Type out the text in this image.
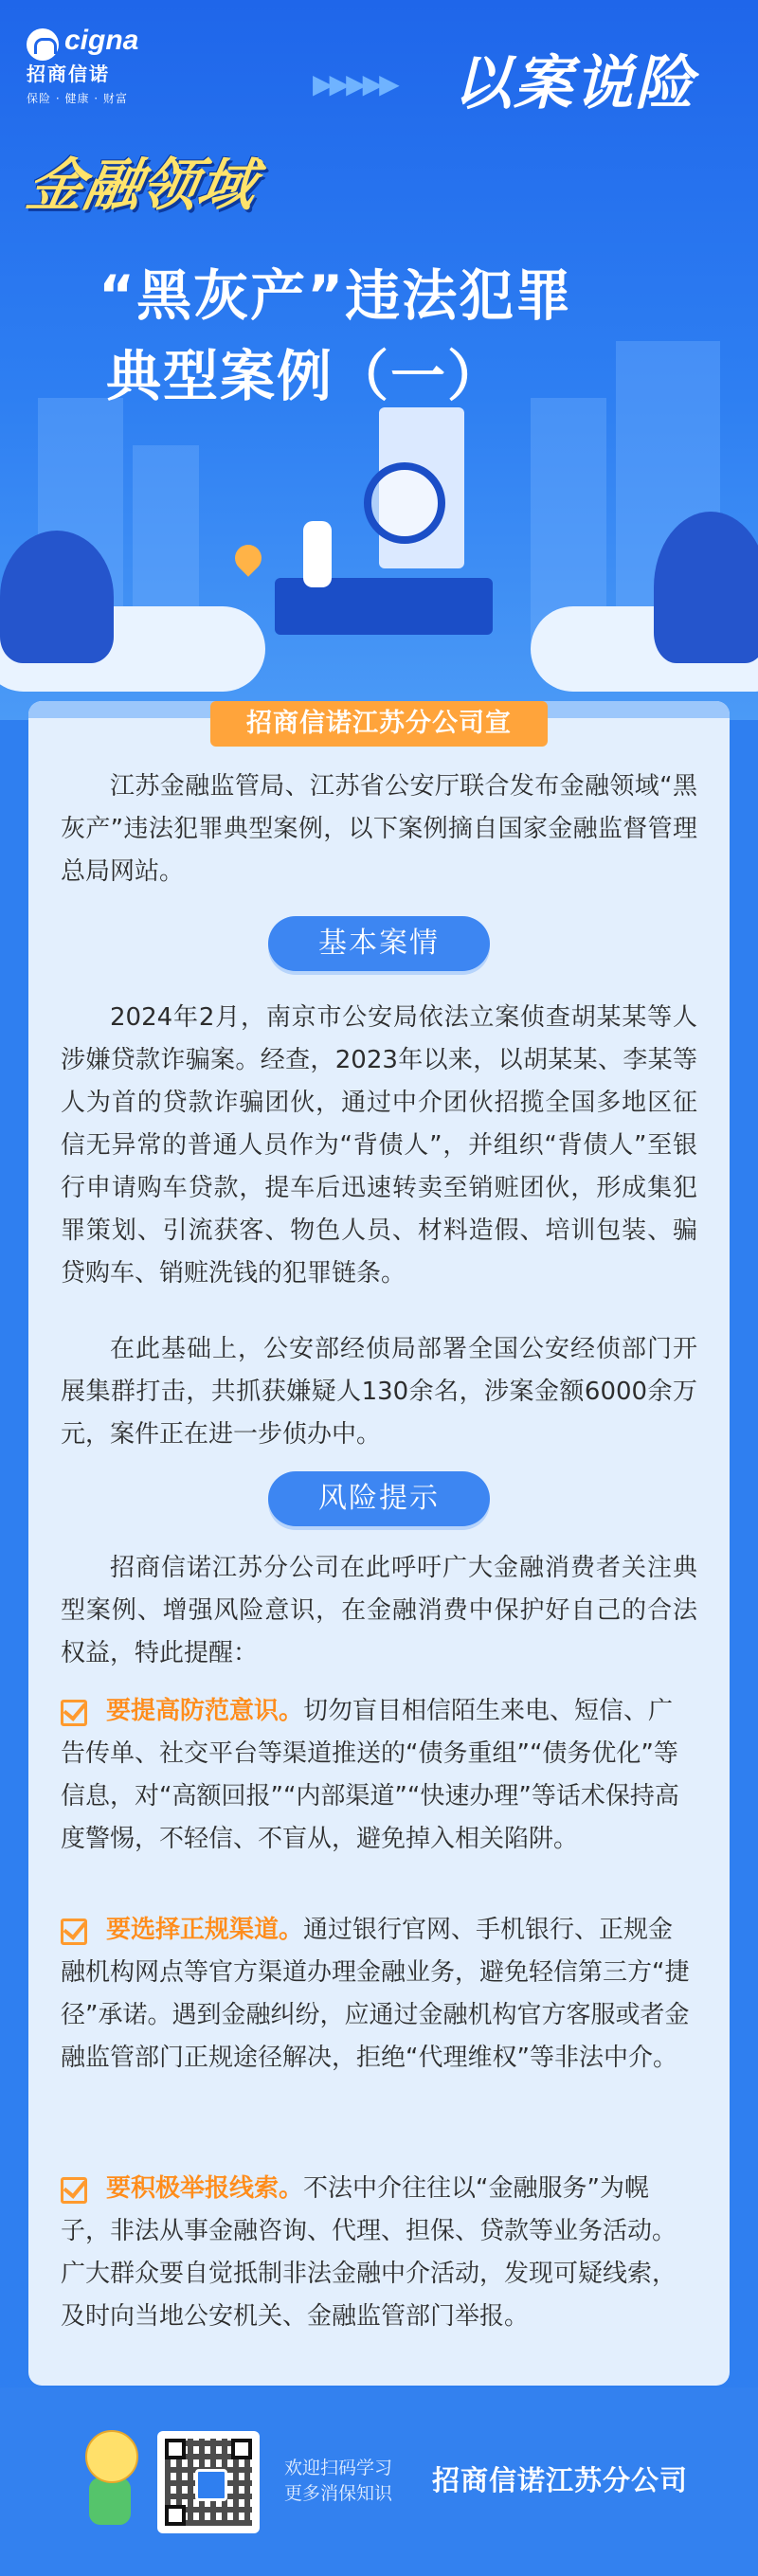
cigna
招商信诺
保险 · 健康 · 财富	▶▶▶▶▶ 以案说险
金融领域
“黑灰产”违法犯罪
典型案例（一）
招商信诺江苏分公司宣

江苏金融监管局、江苏省公安厅联合发布金融领域“黑灰产”违法犯罪典型案例，以下案例摘自国家金融监督管理总局网站。

基本案情

2024年2月，南京市公安局依法立案侦查胡某某等人涉嫌贷款诈骗案。经查，2023年以来，以胡某某、李某等人为首的贷款诈骗团伙，通过中介团伙招揽全国多地区征信无异常的普通人员作为“背债人”，并组织“背债人”至银行申请购车贷款，提车后迅速转卖至销赃团伙，形成集犯罪策划、引流获客、物色人员、材料造假、培训包装、骗贷购车、销赃洗钱的犯罪链条。

在此基础上，公安部经侦局部署全国公安经侦部门开展集群打击，共抓获嫌疑人130余名，涉案金额6000余万元，案件正在进一步侦办中。

风险提示

招商信诺江苏分公司在此呼吁广大金融消费者关注典型案例、增强风险意识，在金融消费中保护好自己的合法权益，特此提醒：

要提高防范意识。切勿盲目相信陌生来电、短信、广告传单、社交平台等渠道推送的“债务重组”“债务优化”等信息，对“高额回报”“内部渠道”“快速办理”等话术保持高度警惕，不轻信、不盲从，避免掉入相关陷阱。

要选择正规渠道。通过银行官网、手机银行、正规金融机构网点等官方渠道办理金融业务，避免轻信第三方“捷径”承诺。遇到金融纠纷，应通过金融机构官方客服或者金融监管部门正规途径解决，拒绝“代理维权”等非法中介。

要积极举报线索。不法中介往往以“金融服务”为幌子，非法从事金融咨询、代理、担保、贷款等业务活动。广大群众要自觉抵制非法金融中介活动，发现可疑线索，及时向当地公安机关、金融监管部门举报。

欢迎扫码学习
更多消保知识 招商信诺江苏分公司
